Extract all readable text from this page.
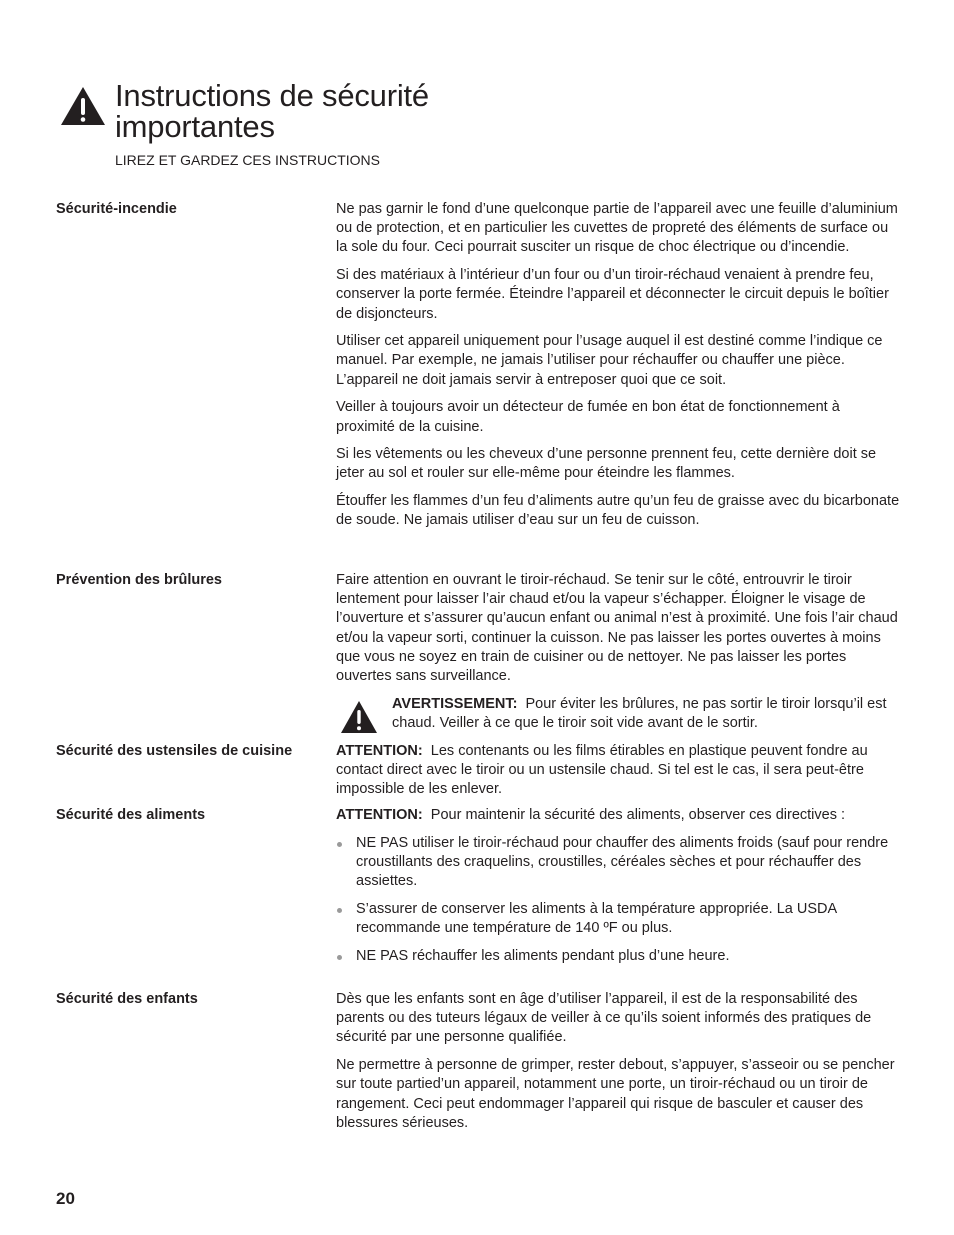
Instructions de sécurité
importantes
LIREZ ET GARDEZ CES INSTRUCTIONS
Sécurité-incendie	Ne pas garnir le fond d’une quelconque partie de l’appareil avec une feuille d’aluminium ou de protection, et en particulier les cuvettes de propreté des éléments de surface ou la sole du four. Ceci pourrait susciter un risque de choc électrique ou d’incendie.

Si des matériaux à l’intérieur d’un four ou d’un tiroir-réchaud venaient à prendre feu, conserver la porte fermée. Éteindre l’appareil et déconnecter le circuit depuis le boîtier de disjoncteurs.

Utiliser cet appareil uniquement pour l’usage auquel il est destiné comme l’indique ce manuel. Par exemple, ne jamais l’utiliser pour réchauffer ou chauffer une pièce. L’appareil ne doit jamais servir à entreposer quoi que ce soit.

Veiller à toujours avoir un détecteur de fumée en bon état de fonctionnement à proximité de la cuisine.

Si les vêtements ou les cheveux d’une personne prennent feu, cette dernière doit se jeter au sol et rouler sur elle-même pour éteindre les flammes.

Étouffer les flammes d’un feu d’aliments autre qu’un feu de graisse avec du bicarbonate de soude. Ne jamais utiliser d’eau sur un feu de cuisson.

Prévention des brûlures	Faire attention en ouvrant le tiroir-réchaud. Se tenir sur le côté, entrouvrir le tiroir lentement pour laisser l’air chaud et/ou la vapeur s’échapper. Éloigner le visage de l’ouverture et s’assurer qu’aucun enfant ou animal n’est à proximité. Une fois l’air chaud et/ou la vapeur sorti, continuer la cuisson. Ne pas laisser les portes ouvertes à moins que vous ne soyez en train de cuisiner ou de nettoyer. Ne pas laisser les portes ouvertes sans surveillance.

AVERTISSEMENT: Pour éviter les brûlures, ne pas sortir le tiroir lorsqu’il est chaud. Veiller à ce que le tiroir soit vide avant de le sortir.
Sécurité des ustensiles de cuisine	ATTENTION: Les contenants ou les films étirables en plastique peuvent fondre au contact direct avec le tiroir ou un ustensile chaud. Si tel est le cas, il sera peut-être impossible de les enlever.

Sécurité des aliments	ATTENTION: Pour maintenir la sécurité des aliments, observer ces directives :

NE PAS utiliser le tiroir-réchaud pour chauffer des aliments froids (sauf pour rendre croustillants des craquelins, croustilles, céréales sèches et pour réchauffer des assiettes.
S’assurer de conserver les aliments à la température appropriée. La USDA recommande une température de 140 ºF ou plus.
NE PAS réchauffer les aliments pendant plus d’une heure.
Sécurité des enfants	Dès que les enfants sont en âge d’utiliser l’appareil, il est de la responsabilité des parents ou des tuteurs légaux de veiller à ce qu’ils soient informés des pratiques de sécurité par une personne qualifiée.

Ne permettre à personne de grimper, rester debout, s’appuyer, s’asseoir ou se pencher sur toute partied’un appareil, notamment une porte, un tiroir-réchaud ou un tiroir de rangement. Ceci peut endommager l’appareil qui risque de basculer et causer des blessures sérieuses.

20
